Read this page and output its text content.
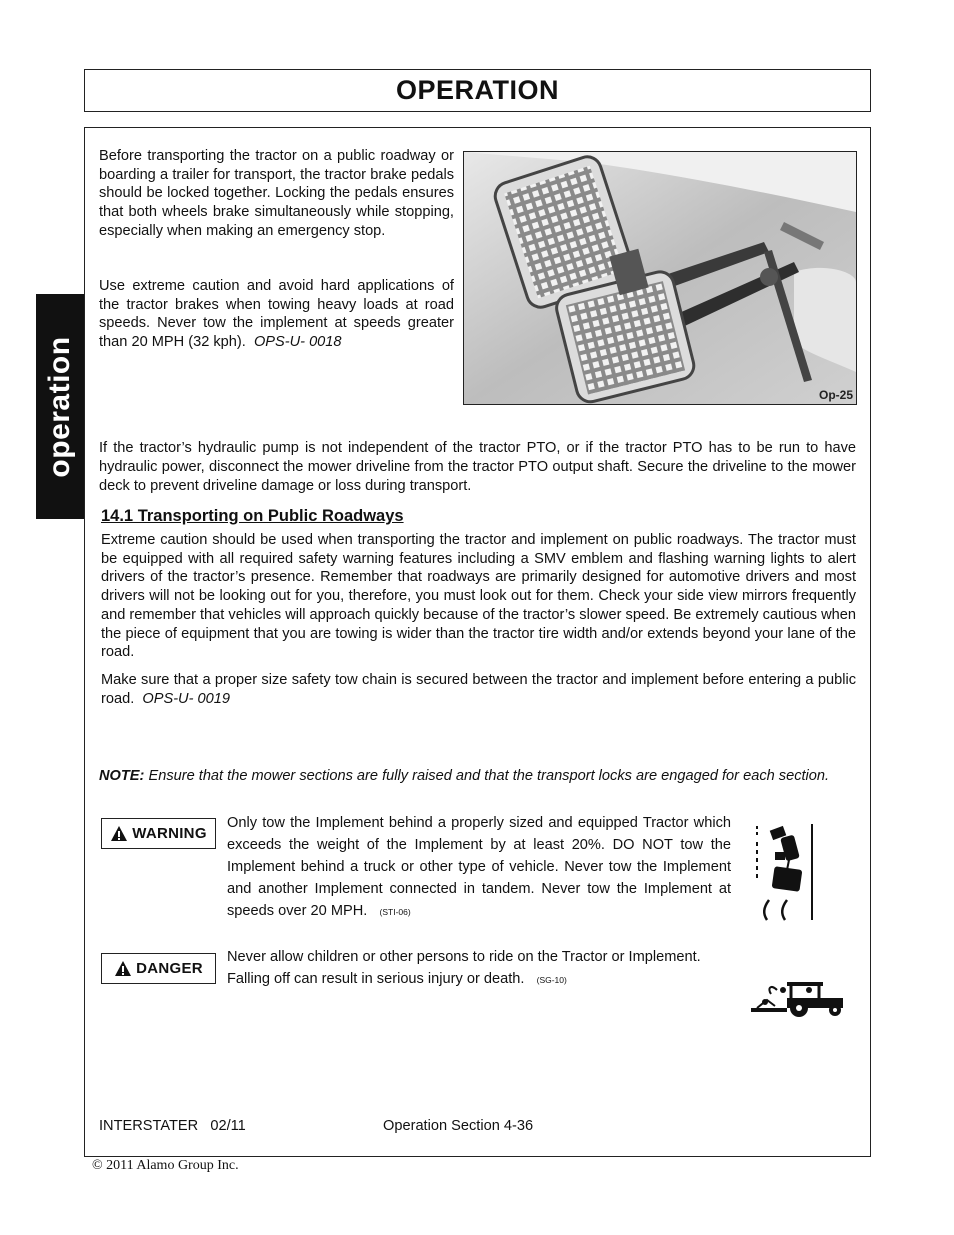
OPERATION
operation
Before transporting the tractor on a public roadway or boarding a trailer for transport, the tractor brake pedals should be locked together. Locking the pedals ensures that both wheels brake simultaneously while stopping, especially when making an emergency stop.
Use extreme caution and avoid hard applications of the tractor brakes when towing heavy loads at road speeds. Never tow the implement at speeds greater than 20 MPH (32 kph). OPS-U- 0018
Op-25
If the tractor’s hydraulic pump is not independent of the tractor PTO, or if the tractor PTO has to be run to have hydraulic power, disconnect the mower driveline from the tractor PTO output shaft. Secure the driveline to the mower deck to prevent driveline damage or loss during transport.
14.1 Transporting on Public Roadways
Extreme caution should be used when transporting the tractor and implement on public roadways. The tractor must be equipped with all required safety warning features including a SMV emblem and flashing warning lights to alert drivers of the tractor’s presence. Remember that roadways are primarily designed for automotive drivers and most drivers will not be looking out for you, therefore, you must look out for them. Check your side view mirrors frequently and remember that vehicles will approach quickly because of the tractor’s slower speed. Be extremely cautious when the piece of equipment that you are towing is wider than the tractor tire width and/or extends beyond your lane of the road.
Make sure that a proper size safety tow chain is secured between the tractor and implement before entering a public road. OPS-U- 0019
NOTE: Ensure that the mower sections are fully raised and that the transport locks are engaged for each section.
WARNING
Only tow the Implement behind a properly sized and equipped Tractor which exceeds the weight of the Implement by at least 20%. DO NOT tow the Implement behind a truck or other type of vehicle. Never tow the Implement and another Implement connected in tandem. Never tow the Implement at speeds over 20 MPH. (STI-06)
DANGER
Never allow children or other persons to ride on the Tractor or Implement. Falling off can result in serious injury or death. (SG-10)
INTERSTATER   02/11	Operation Section 4-36
© 2011 Alamo Group Inc.
